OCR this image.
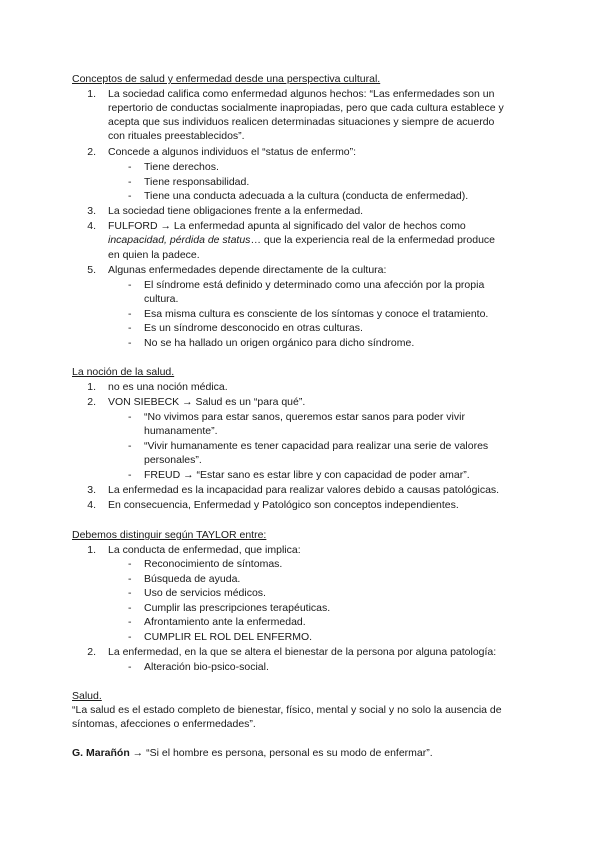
Conceptos de salud y enfermedad desde una perspectiva cultural.
1. La sociedad califica como enfermedad algunos hechos: “Las enfermedades son un
repertorio de conductas socialmente inapropiadas, pero que cada cultura establece y
acepta que sus individuos realicen determinadas situaciones y siempre de acuerdo
con rituales preestablecidos”.
2. Concede a algunos individuos el “status de enfermo”:
- Tiene derechos.
- Tiene responsabilidad.
- Tiene una conducta adecuada a la cultura (conducta de enfermedad).
3. La sociedad tiene obligaciones frente a la enfermedad.
4. FULFORD → La enfermedad apunta al significado del valor de hechos como
incapacidad, pérdida de status… que la experiencia real de la enfermedad produce
en quien la padece.
5. Algunas enfermedades depende directamente de la cultura:
- El síndrome está definido y determinado como una afección por la propia
cultura.
- Esa misma cultura es consciente de los síntomas y conoce el tratamiento.
- Es un síndrome desconocido en otras culturas.
- No se ha hallado un origen orgánico para dicho síndrome.
La noción de la salud.
1. no es una noción médica.
2. VON SIEBECK → Salud es un “para qué”.
- “No vivimos para estar sanos, queremos estar sanos para poder vivir
humanamente”.
- “Vivir humanamente es tener capacidad para realizar una serie de valores
personales”.
- FREUD → “Estar sano es estar libre y con capacidad de poder amar”.
3. La enfermedad es la incapacidad para realizar valores debido a causas patológicas.
4. En consecuencia, Enfermedad y Patológico son conceptos independientes.
Debemos distinguir según TAYLOR entre:
1. La conducta de enfermedad, que implica:
- Reconocimiento de síntomas.
- Búsqueda de ayuda.
- Uso de servicios médicos.
- Cumplir las prescripciones terapéuticas.
- Afrontamiento ante la enfermedad.
- CUMPLIR EL ROL DEL ENFERMO.
2. La enfermedad, en la que se altera el bienestar de la persona por alguna patología:
- Alteración bio-psico-social.
Salud.
“La salud es el estado completo de bienestar, físico, mental y social y no solo la ausencia de
síntomas, afecciones o enfermedades”.
G. Marañón → “Si el hombre es persona, personal es su modo de enfermar”.
